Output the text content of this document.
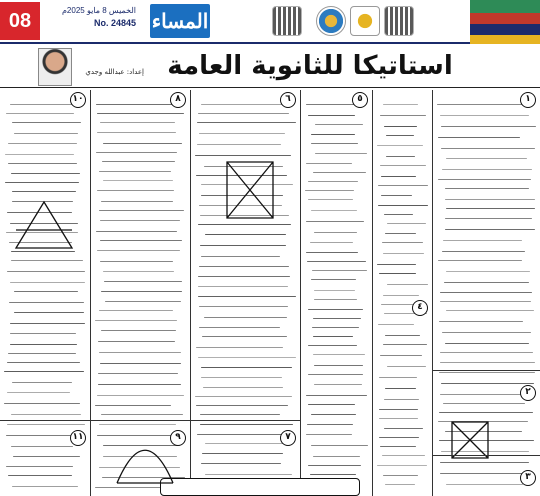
08	الخميس 8 مايو 2025م
No. 24845 المساء
إعداد: عبدالله وجدي استاتيكا للثانوية العامة
١
٢
٣
٤
٥
٦
٧
٨
٩
١٠
١١
